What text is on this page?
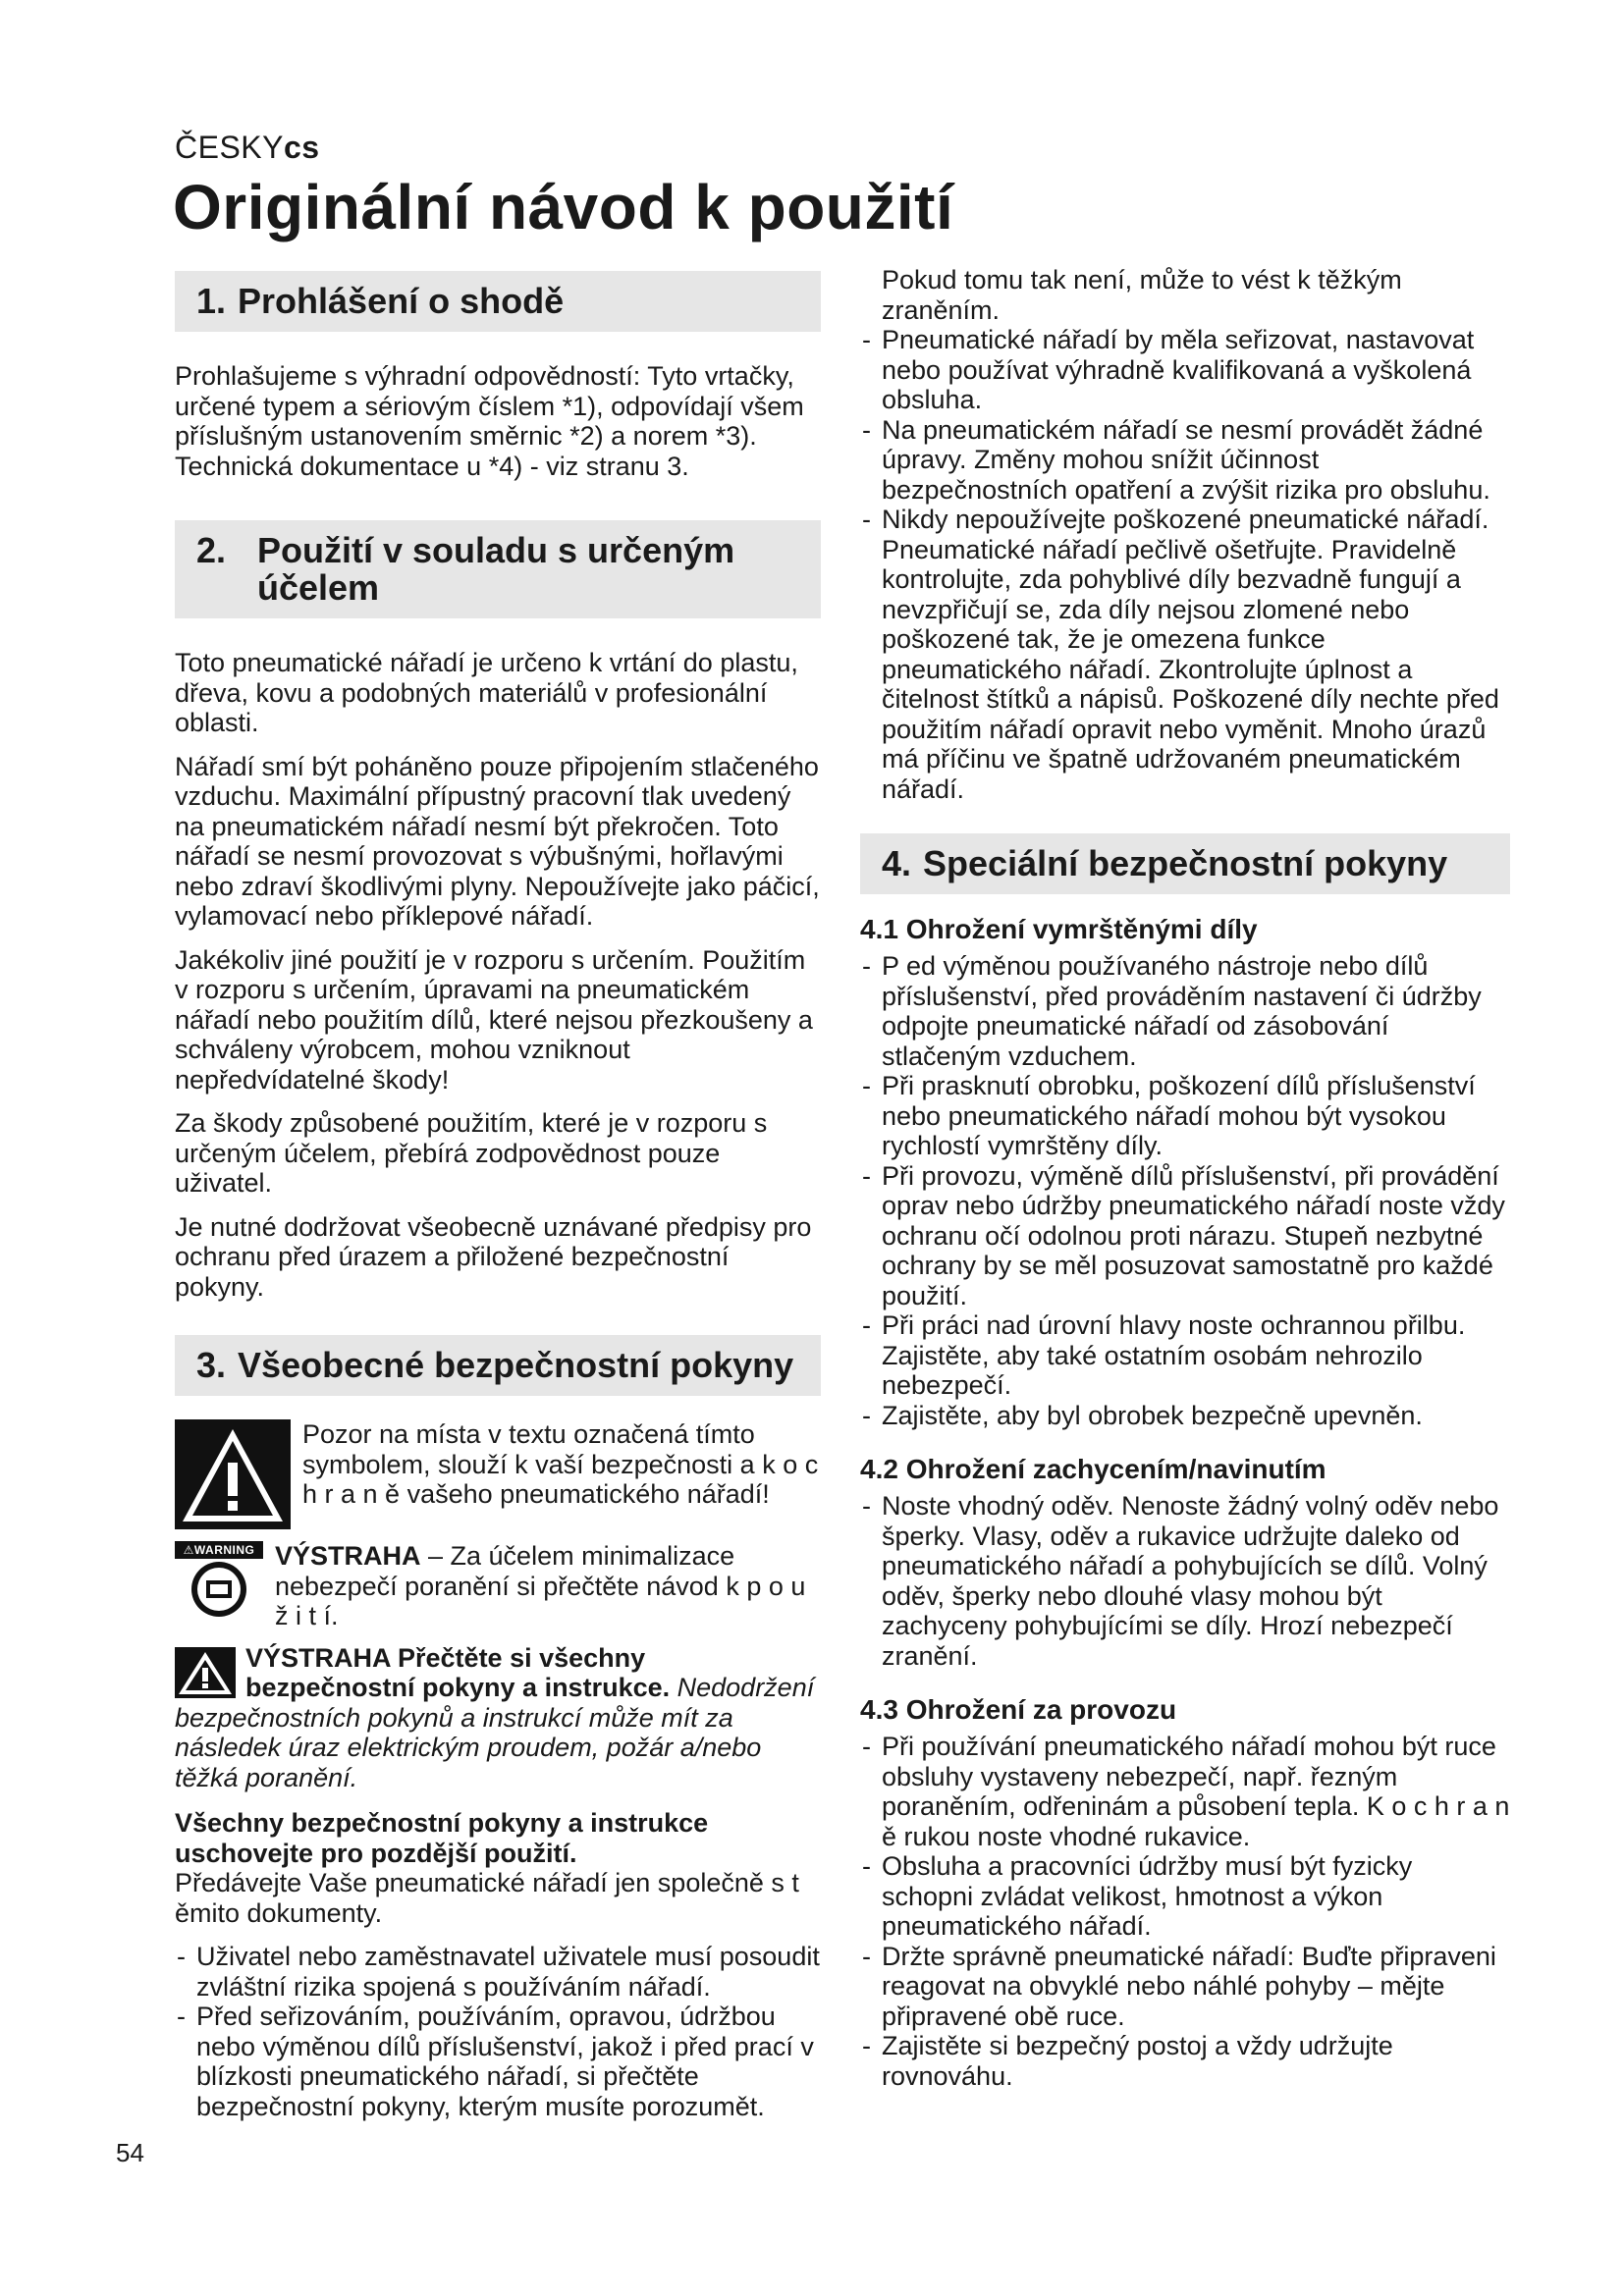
ČESKYcs
Originální návod k použití
1. Prohlášení o shodě

Prohlašujeme s výhradní odpovědností: Tyto vrtačky, určené typem a sériovým číslem *1), odpovídají všem příslušným ustanovením směrnic *2) a norem *3). Technická dokumentace u *4) - viz stranu 3.

2. Použití v souladu s určeným účelem

Toto pneumatické nářadí je určeno k vrtání do plastu, dřeva, kovu a podobných materiálů v profesionální oblasti.

Nářadí smí být poháněno pouze připojením stlačeného vzduchu. Maximální přípustný pracovní tlak uvedený na pneumatickém nářadí nesmí být překročen. Toto nářadí se nesmí provozovat s výbušnými, hořlavými nebo zdraví škodlivými plyny. Nepoužívejte jako páčicí, vylamovací nebo příklepové nářadí.

Jakékoliv jiné použití je v rozporu s určením. Použitím v rozporu s určením, úpravami na pneumatickém nářadí nebo použitím dílů, které nejsou přezkoušeny a schváleny výrobcem, mohou vzniknout nepředvídatelné škody!

Za škody způsobené použitím, které je v rozporu s určeným účelem, přebírá zodpovědnost pouze uživatel.

Je nutné dodržovat všeobecně uznávané předpisy pro ochranu před úrazem a přiložené bezpečnostní pokyny.

3. Všeobecné bezpečnostní pokyny
Pozor na místa v textu označená tímto symbolem, slouží k vaší bezpečnosti a k o c h r a n ě vašeho pneumatického nářadí!
⚠WARNING VÝSTRAHA – Za účelem minimalizace nebezpečí poranění si přečtěte návod k p o u ž i t í.
VÝSTRAHA Přečtěte si všechny bezpečnostní pokyny a instrukce. Nedodržení bezpečnostních pokynů a instrukcí může mít za následek úraz elektrickým proudem, požár a/nebo těžká poranění.

Všechny bezpečnostní pokyny a instrukce uschovejte pro pozdější použití.

Předávejte Vaše pneumatické nářadí jen společně s t ěmito dokumenty.

- Uživatel nebo zaměstnavatel uživatele musí posoudit zvláštní rizika spojená s používáním nářadí.
- Před seřizováním, používáním, opravou, údržbou nebo výměnou dílů příslušenství, jakož i před prací v blízkosti pneumatického nářadí, si přečtěte bezpečnostní pokyny, kterým musíte porozumět.

Pokud tomu tak není, může to vést k těžkým zraněním.

- Pneumatické nářadí by měla seřizovat, nastavovat nebo používat výhradně kvalifikovaná a vyškolená obsluha.
- Na pneumatickém nářadí se nesmí provádět žádné úpravy. Změny mohou snížit účinnost bezpečnostních opatření a zvýšit rizika pro obsluhu.
- Nikdy nepoužívejte poškozené pneumatické nářadí. Pneumatické nářadí pečlivě ošetřujte. Pravidelně kontrolujte, zda pohyblivé díly bezvadně fungují a nevzpřičují se, zda díly nejsou zlomené nebo poškozené tak, že je omezena funkce pneumatického nářadí. Zkontrolujte úplnost a čitelnost štítků a nápisů. Poškozené díly nechte před použitím nářadí opravit nebo vyměnit. Mnoho úrazů má příčinu ve špatně udržovaném pneumatickém nářadí.
4. Speciální bezpečnostní pokyny
4.1 Ohrožení vymrštěnými díly
- P ed výměnou používaného nástroje nebo dílů příslušenství, před prováděním nastavení či údržby odpojte pneumatické nářadí od zásobování stlačeným vzduchem.
- Při prasknutí obrobku, poškození dílů příslušenství nebo pneumatického nářadí mohou být vysokou rychlostí vymrštěny díly.
- Při provozu, výměně dílů příslušenství, při provádění oprav nebo údržby pneumatického nářadí noste vždy ochranu očí odolnou proti nárazu. Stupeň nezbytné ochrany by se měl posuzovat samostatně pro každé použití.
- Při práci nad úrovní hlavy noste ochrannou přilbu. Zajistěte, aby také ostatním osobám nehrozilo nebezpečí.
- Zajistěte, aby byl obrobek bezpečně upevněn.
4.2 Ohrožení zachycením/navinutím
- Noste vhodný oděv. Nenoste žádný volný oděv nebo šperky. Vlasy, oděv a rukavice udržujte daleko od pneumatického nářadí a pohybujících se dílů. Volný oděv, šperky nebo dlouhé vlasy mohou být zachyceny pohybujícími se díly. Hrozí nebezpečí zranění.
4.3 Ohrožení za provozu
- Při používání pneumatického nářadí mohou být ruce obsluhy vystaveny nebezpečí, např. řezným poraněním, odřeninám a působení tepla. K o c h r a n ě rukou noste vhodné rukavice.
- Obsluha a pracovníci údržby musí být fyzicky schopni zvládat velikost, hmotnost a výkon pneumatického nářadí.
- Držte správně pneumatické nářadí: Buďte připraveni reagovat na obvyklé nebo náhlé pohyby – mějte připravené obě ruce.
- Zajistěte si bezpečný postoj a vždy udržujte rovnováhu.
54
